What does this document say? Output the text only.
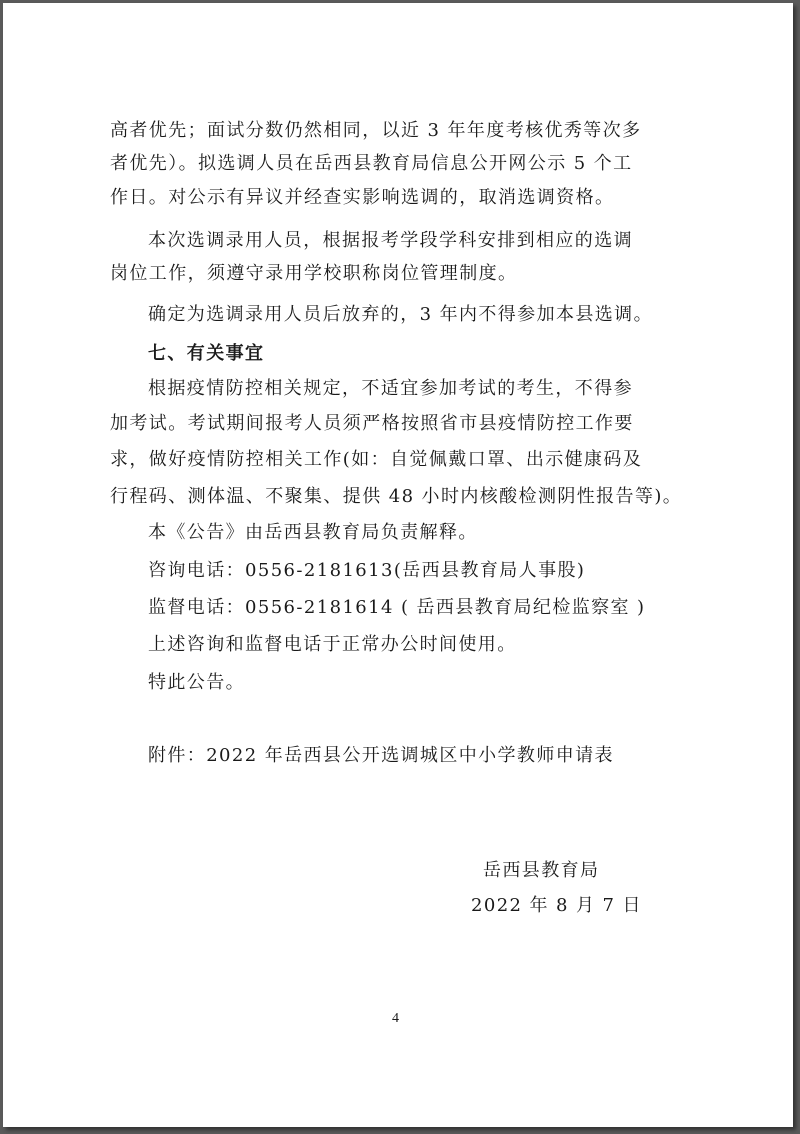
高者优先；面试分数仍然相同，以近 3 年年度考核优秀等次多
者优先）。拟选调人员在岳西县教育局信息公开网公示 5 个工
作日。对公示有异议并经查实影响选调的，取消选调资格。
本次选调录用人员，根据报考学段学科安排到相应的选调
岗位工作，须遵守录用学校职称岗位管理制度。
确定为选调录用人员后放弃的，3 年内不得参加本县选调。
七、有关事宜
根据疫情防控相关规定，不适宜参加考试的考生，不得参
加考试。考试期间报考人员须严格按照省市县疫情防控工作要
求，做好疫情防控相关工作(如：自觉佩戴口罩、出示健康码及
行程码、测体温、不聚集、提供 48 小时内核酸检测阴性报告等)。
本《公告》由岳西县教育局负责解释。
咨询电话：0556-2181613(岳西县教育局人事股)
监督电话：0556-2181614 ( 岳西县教育局纪检监察室 )
上述咨询和监督电话于正常办公时间使用。
特此公告。
附件：2022 年岳西县公开选调城区中小学教师申请表
岳西县教育局
2022 年 8 月 7 日
4
